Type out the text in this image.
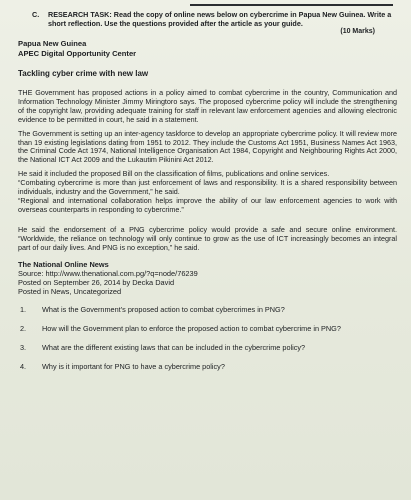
C.	RESEARCH TASK: Read the copy of online news below on cybercrime in Papua New Guinea. Write a short reflection. Use the questions provided after the article as your guide.
(10 Marks)
Papua New Guinea
APEC Digital Opportunity Center
Tackling cyber crime with new law

THE Government has proposed actions in a policy aimed to combat cybercrime in the country, Communication and Information Technology Minister Jimmy Miringtoro says. The proposed cybercrime policy will include the strengthening of the copyright law, providing adequate training for staff in relevant law enforcement agencies and allowing electronic evidence to be permitted in court, he said in a statement.

The Government is setting up an inter-agency taskforce to develop an appropriate cybercrime policy. It will review more than 19 existing legislations dating from 1951 to 2012. They include the Customs Act 1951, Business Names Act 1963, the Criminal Code Act 1974, National Intelligence Organisation Act 1984, Copyright and Neighbouring Rights Act 2000, the National ICT Act 2009 and the Lukautim Pikinini Act 2012.

He said it included the proposed Bill on the classification of films, publications and online services.

“Combating cybercrime is more than just enforcement of laws and responsibility. It is a shared responsibility between individuals, industry and the Government,” he said.

“Regional and international collaboration helps improve the ability of our law enforcement agencies to work with overseas counterparts in responding to cybercrime.”

He said the endorsement of a PNG cybercrime policy would provide a safe and secure online environment. “Worldwide, the reliance on technology will only continue to grow as the use of ICT increasingly becomes an integral part of our daily lives. And PNG is no exception,” he said.

The National Online News
Source: http://www.thenational.com.pg/?q=node/76239
Posted on September 26, 2014 by Decka David
Posted in News, Uncategorized
1.	What is the Government’s proposed action to combat cybercrimes in PNG?
2.	How will the Government plan to enforce the proposed action to combat cybercrime in PNG?
3.	What are the different existing laws that can be included in the cybercrime policy?
4.	Why is it important for PNG to have a cybercrime policy?
